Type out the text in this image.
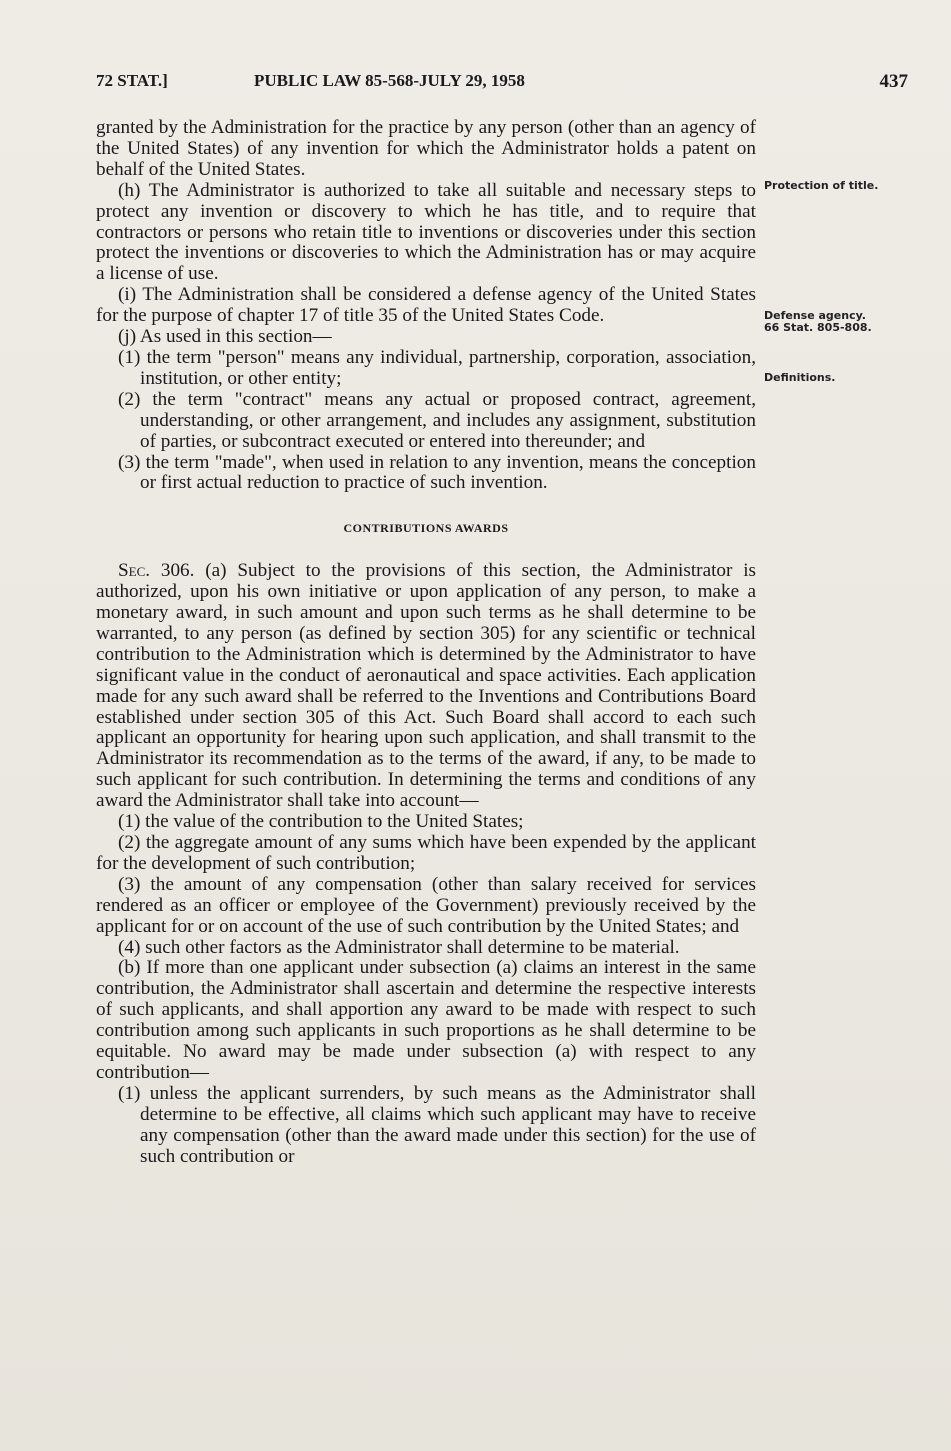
72 STAT.]	PUBLIC LAW 85-568-JULY 29, 1958	437
Protection of title.
Defense agency.
66 Stat. 805-808.
Definitions.

granted by the Administration for the practice by any person (other than an agency of the United States) of any invention for which the Administrator holds a patent on behalf of the United States.

(h) The Administrator is authorized to take all suitable and necessary steps to protect any invention or discovery to which he has title, and to require that contractors or persons who retain title to inventions or discoveries under this section protect the inventions or discoveries to which the Administration has or may acquire a license of use.

(i) The Administration shall be considered a defense agency of the United States for the purpose of chapter 17 of title 35 of the United States Code.

(j) As used in this section—

(1) the term "person" means any individual, partnership, corporation, association, institution, or other entity;

(2) the term "contract" means any actual or proposed contract, agreement, understanding, or other arrangement, and includes any assignment, substitution of parties, or subcontract executed or entered into thereunder; and

(3) the term "made", when used in relation to any invention, means the conception or first actual reduction to practice of such invention.

CONTRIBUTIONS AWARDS

Sec. 306. (a) Subject to the provisions of this section, the Administrator is authorized, upon his own initiative or upon application of any person, to make a monetary award, in such amount and upon such terms as he shall determine to be warranted, to any person (as defined by section 305) for any scientific or technical contribution to the Administration which is determined by the Administrator to have significant value in the conduct of aeronautical and space activities. Each application made for any such award shall be referred to the Inventions and Contributions Board established under section 305 of this Act. Such Board shall accord to each such applicant an opportunity for hearing upon such application, and shall transmit to the Administrator its recommendation as to the terms of the award, if any, to be made to such applicant for such contribution. In determining the terms and conditions of any award the Administrator shall take into account—

(1) the value of the contribution to the United States;

(2) the aggregate amount of any sums which have been expended by the applicant for the development of such contribution;

(3) the amount of any compensation (other than salary received for services rendered as an officer or employee of the Government) previously received by the applicant for or on account of the use of such contribution by the United States; and

(4) such other factors as the Administrator shall determine to be material.

(b) If more than one applicant under subsection (a) claims an interest in the same contribution, the Administrator shall ascertain and determine the respective interests of such applicants, and shall apportion any award to be made with respect to such contribution among such applicants in such proportions as he shall determine to be equitable. No award may be made under subsection (a) with respect to any contribution—

(1) unless the applicant surrenders, by such means as the Administrator shall determine to be effective, all claims which such applicant may have to receive any compensation (other than the award made under this section) for the use of such contribution or
